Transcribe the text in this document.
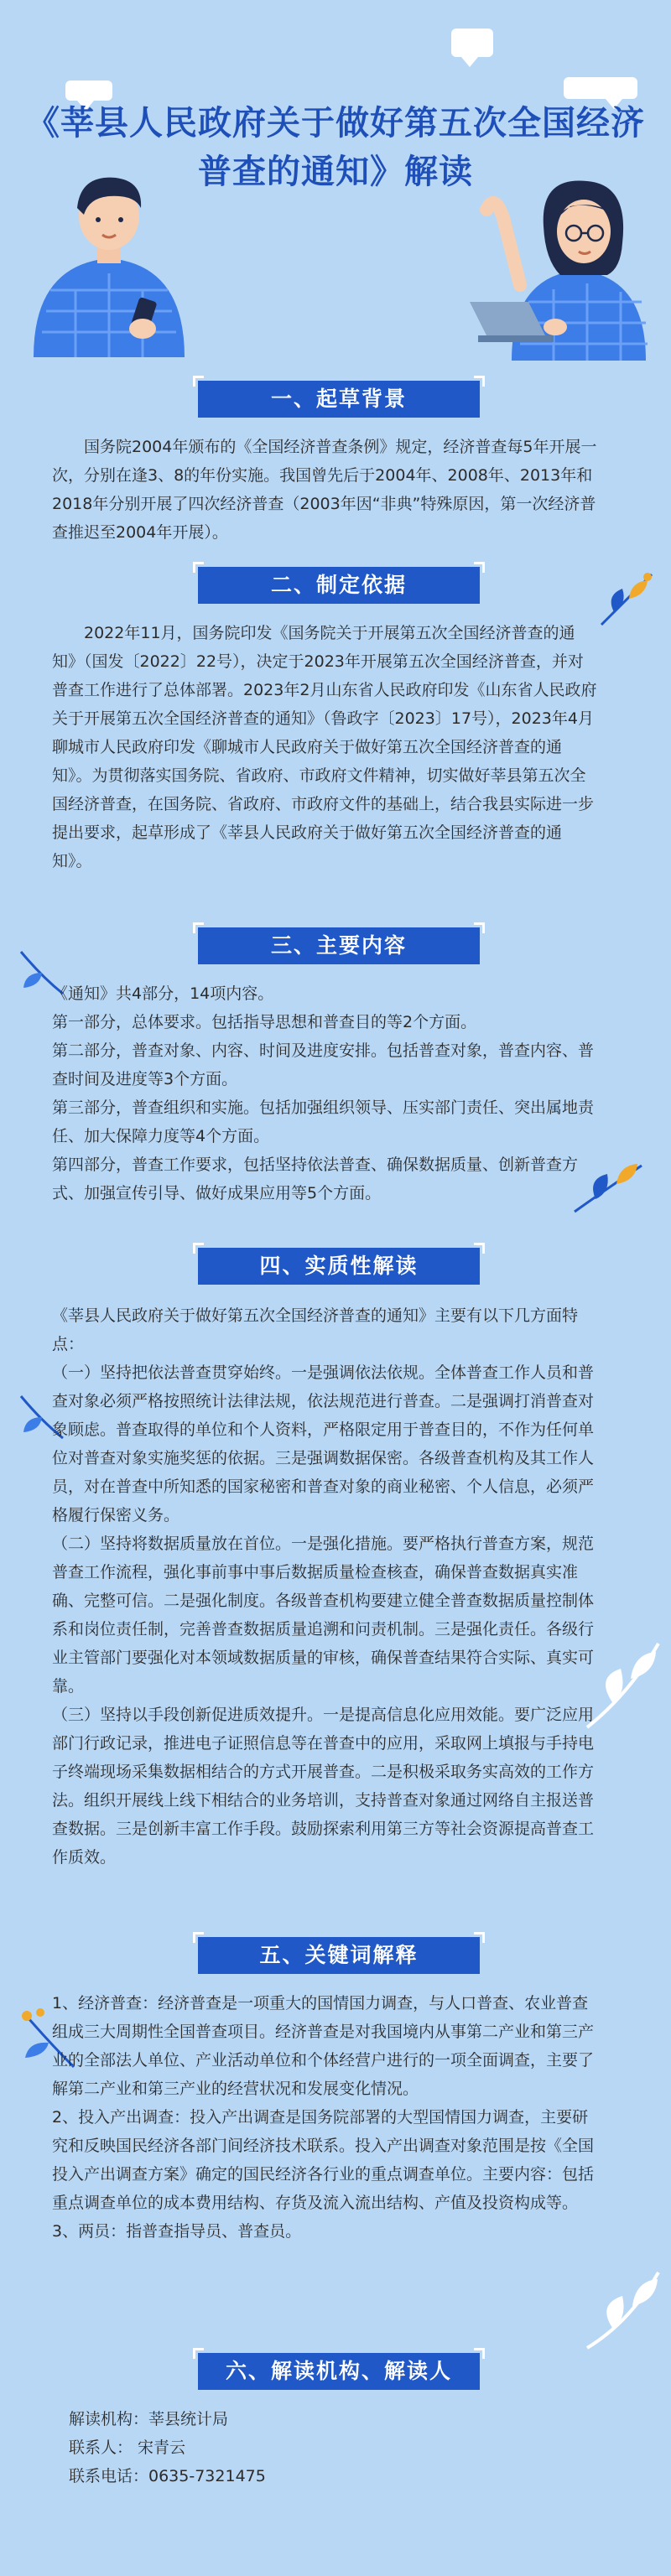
《莘县人民政府关于做好第五次全国经济普查的通知》解读
一、起草背景

国务院2004年颁布的《全国经济普查条例》规定，经济普查每5年开展一次，分别在逢3、8的年份实施。我国曾先后于2004年、2008年、2013年和2018年分别开展了四次经济普查（2003年因“非典”特殊原因，第一次经济普查推迟至2004年开展）。

二、制定依据

2022年11月，国务院印发《国务院关于开展第五次全国经济普查的通知》（国发〔2022〕22号），决定于2023年开展第五次全国经济普查，并对普查工作进行了总体部署。2023年2月山东省人民政府印发《山东省人民政府关于开展第五次全国经济普查的通知》（鲁政字〔2023〕17号），2023年4月聊城市人民政府印发《聊城市人民政府关于做好第五次全国经济普查的通知》。为贯彻落实国务院、省政府、市政府文件精神，切实做好莘县第五次全国经济普查，在国务院、省政府、市政府文件的基础上，结合我县实际进一步提出要求，起草形成了《莘县人民政府关于做好第五次全国经济普查的通知》。

三、主要内容

《通知》共4部分，14项内容。

第一部分，总体要求。包括指导思想和普查目的等2个方面。

第二部分，普查对象、内容、时间及进度安排。包括普查对象，普查内容、普查时间及进度等3个方面。

第三部分，普查组织和实施。包括加强组织领导、压实部门责任、突出属地责任、加大保障力度等4个方面。

第四部分，普查工作要求，包括坚持依法普查、确保数据质量、创新普查方式、加强宣传引导、做好成果应用等5个方面。

四、实质性解读

《莘县人民政府关于做好第五次全国经济普查的通知》主要有以下几方面特点：

（一）坚持把依法普查贯穿始终。一是强调依法依规。全体普查工作人员和普查对象必须严格按照统计法律法规，依法规范进行普查。二是强调打消普查对象顾虑。普查取得的单位和个人资料，严格限定用于普查目的，不作为任何单位对普查对象实施奖惩的依据。三是强调数据保密。各级普查机构及其工作人员，对在普查中所知悉的国家秘密和普查对象的商业秘密、个人信息，必须严格履行保密义务。

（二）坚持将数据质量放在首位。一是强化措施。要严格执行普查方案，规范普查工作流程，强化事前事中事后数据质量检查核查，确保普查数据真实准确、完整可信。二是强化制度。各级普查机构要建立健全普查数据质量控制体系和岗位责任制，完善普查数据质量追溯和问责机制。三是强化责任。各级行业主管部门要强化对本领域数据质量的审核，确保普查结果符合实际、真实可靠。

（三）坚持以手段创新促进质效提升。一是提高信息化应用效能。要广泛应用部门行政记录，推进电子证照信息等在普查中的应用，采取网上填报与手持电子终端现场采集数据相结合的方式开展普查。二是积极采取务实高效的工作方法。组织开展线上线下相结合的业务培训，支持普查对象通过网络自主报送普查数据。三是创新丰富工作手段。鼓励探索利用第三方等社会资源提高普查工作质效。

五、关键词解释

1、经济普查：经济普查是一项重大的国情国力调查，与人口普查、农业普查组成三大周期性全国普查项目。经济普查是对我国境内从事第二产业和第三产业的全部法人单位、产业活动单位和个体经营户进行的一项全面调查，主要了解第二产业和第三产业的经营状况和发展变化情况。

2、投入产出调查：投入产出调查是国务院部署的大型国情国力调查，主要研究和反映国民经济各部门间经济技术联系。投入产出调查对象范围是按《全国投入产出调查方案》确定的国民经济各行业的重点调查单位。主要内容：包括重点调查单位的成本费用结构、存货及流入流出结构、产值及投资构成等。

3、两员：指普查指导员、普查员。

六、解读机构、解读人

解读机构：莘县统计局

联系人： 宋青云

联系电话：0635-7321475
